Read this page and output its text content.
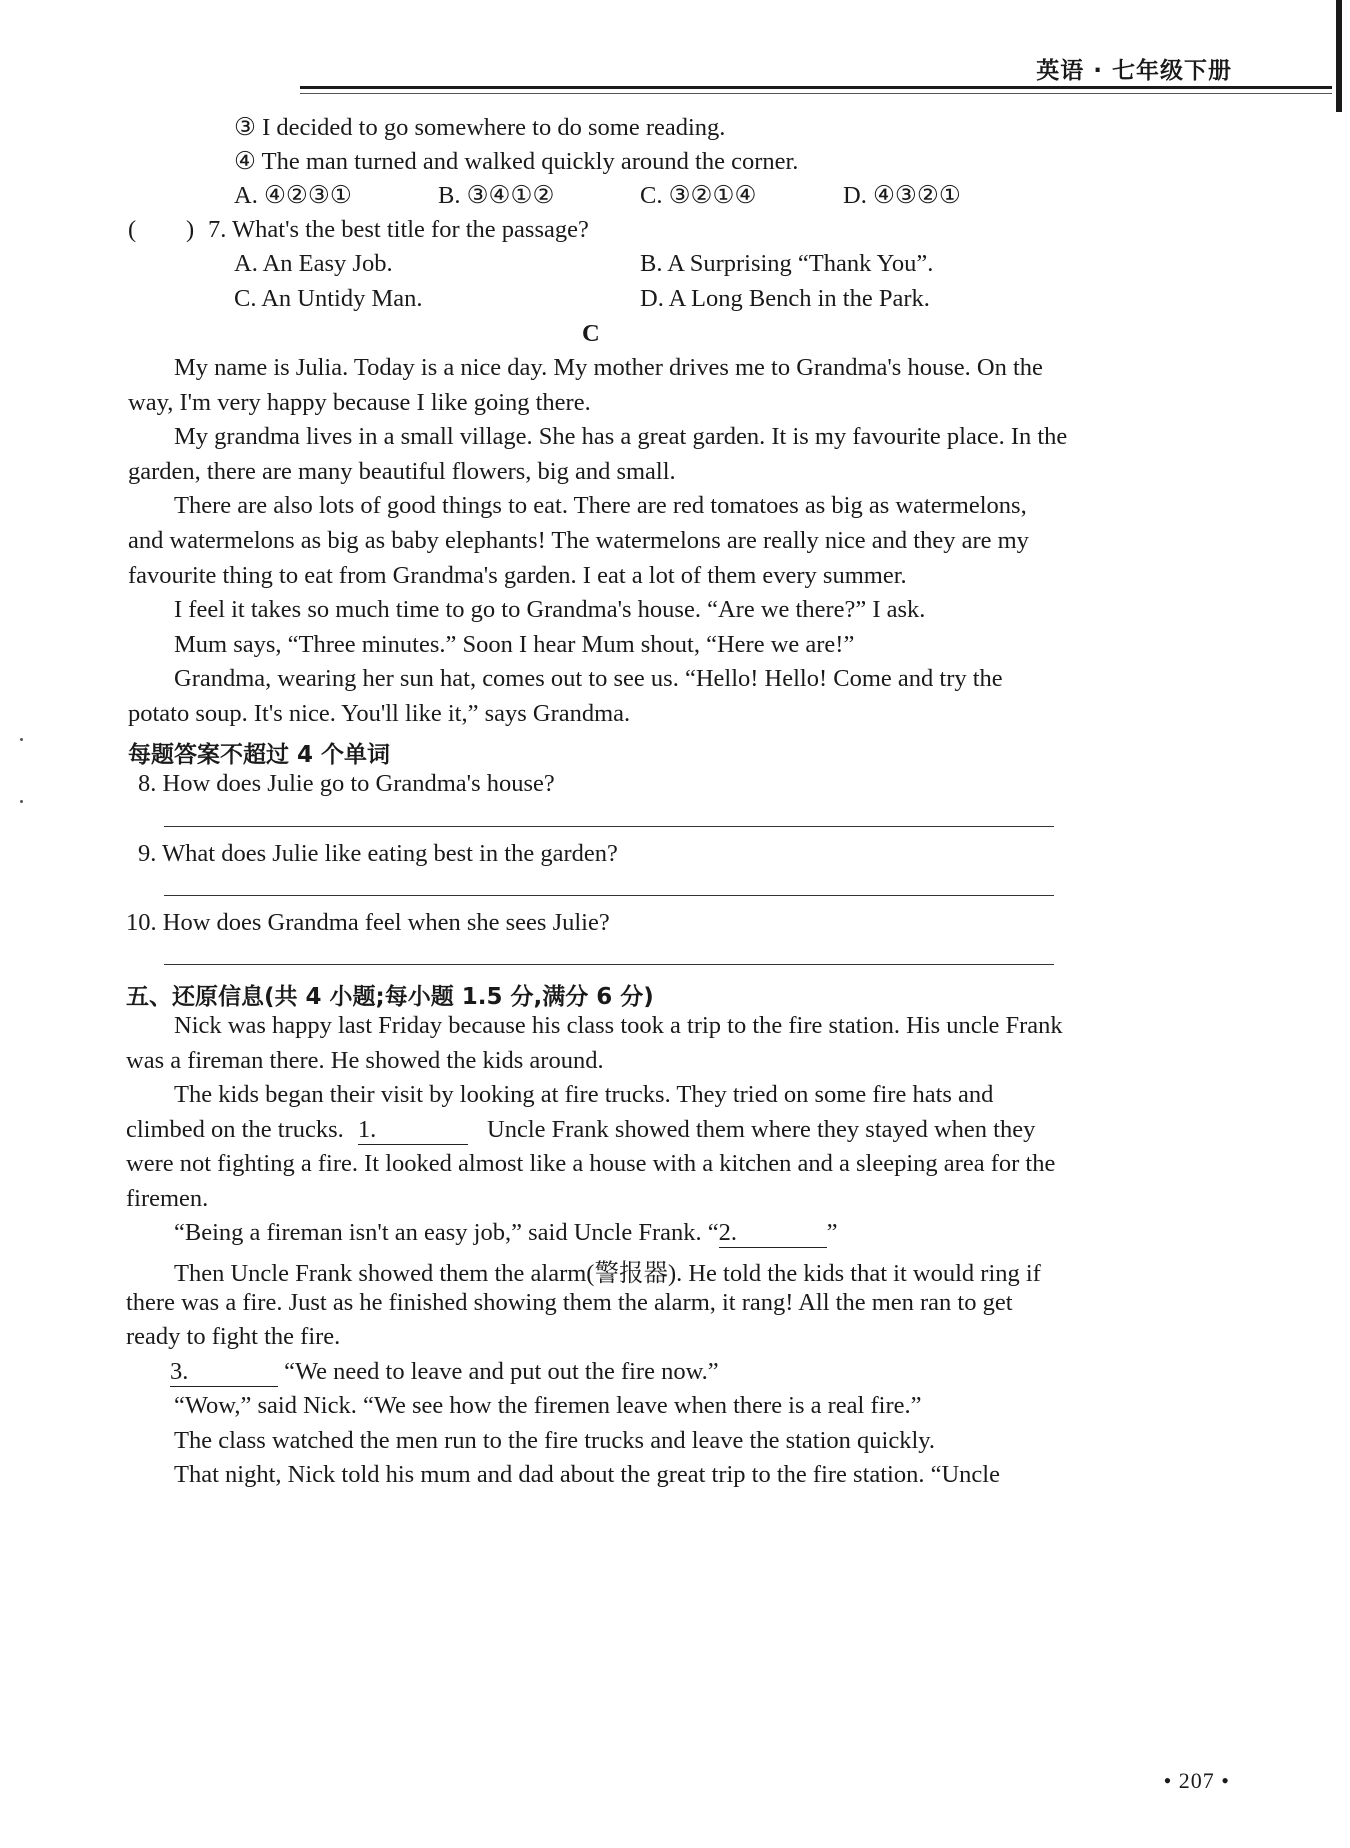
英语 · 七年级下册
③ I decided to go somewhere to do some reading.
④ The man turned and walked quickly around the corner.
A. ④②③①	B. ③④①②	C. ③②①④	D. ④③②①
( ) 7. What's the best title for the passage?
A. An Easy Job.	B. A Surprising “Thank You”.
C. An Untidy Man.	D. A Long Bench in the Park.
C
My name is Julia. Today is a nice day. My mother drives me to Grandma's house. On the
way, I'm very happy because I like going there.
My grandma lives in a small village. She has a great garden. It is my favourite place. In the
garden, there are many beautiful flowers, big and small.
There are also lots of good things to eat. There are red tomatoes as big as watermelons,
and watermelons as big as baby elephants! The watermelons are really nice and they are my
favourite thing to eat from Grandma's garden. I eat a lot of them every summer.
I feel it takes so much time to go to Grandma's house. “Are we there?” I ask.
Mum says, “Three minutes.” Soon I hear Mum shout, “Here we are!”
Grandma, wearing her sun hat, comes out to see us. “Hello! Hello! Come and try the
potato soup. It's nice. You'll like it,” says Grandma.
每题答案不超过 4 个单词
8. How does Julie go to Grandma's house?
9. What does Julie like eating best in the garden?
10. How does Grandma feel when she sees Julie?
五、还原信息(共 4 小题;每小题 1.5 分,满分 6 分)
Nick was happy last Friday because his class took a trip to the fire station. His uncle Frank
was a fireman there. He showed the kids around.
The kids began their visit by looking at fire trucks. They tried on some fire hats and
climbed on the trucks. 1.	Uncle Frank showed them where they stayed when they
were not fighting a fire. It looked almost like a house with a kitchen and a sleeping area for the
firemen.
“Being a fireman isn't an easy job,” said Uncle Frank. “2.	”
Then Uncle Frank showed them the alarm(警报器). He told the kids that it would ring if
there was a fire. Just as he finished showing them the alarm, it rang! All the men ran to get
ready to fight the fire.
3.	“We need to leave and put out the fire now.”
“Wow,” said Nick. “We see how the firemen leave when there is a real fire.”
The class watched the men run to the fire trucks and leave the station quickly.
That night, Nick told his mum and dad about the great trip to the fire station. “Uncle
• 207 •
